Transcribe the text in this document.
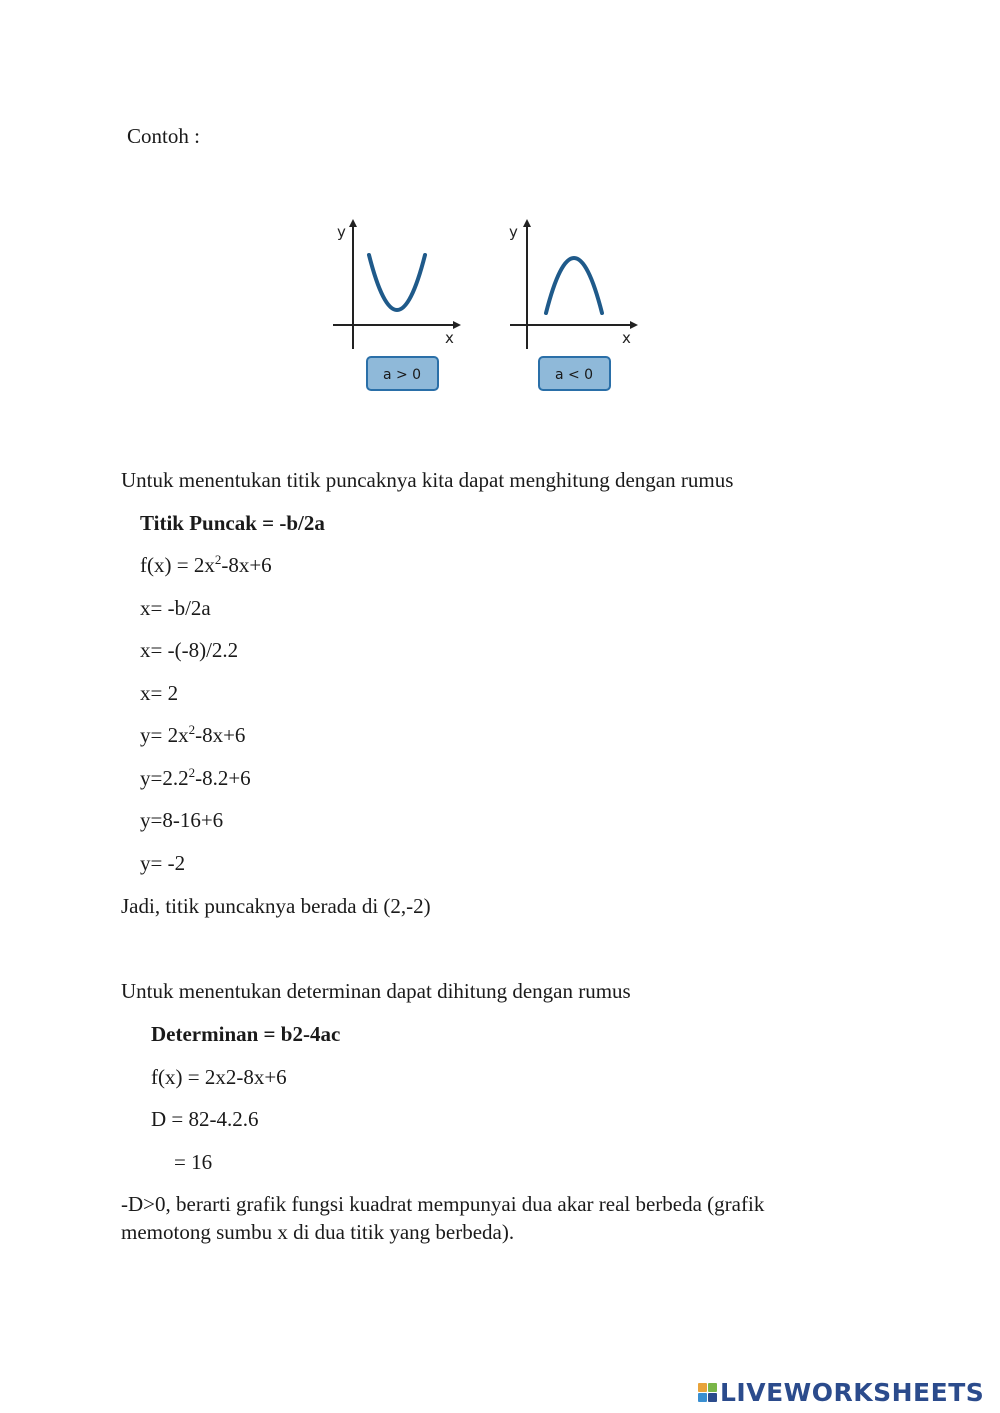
Contoh :
y
x
a > 0
y
x
a < 0
Untuk menentukan titik puncaknya kita dapat menghitung dengan rumus
Titik Puncak = -b/2a
$f(x) = 2x^2-8x+6$
x= -b/2a
x= -(-8)/2.2
x= 2
$y= 2x^2-8x+6$
$y=2.2^2-8.2+6$
y=8-16+6
y= -2
Jadi, titik puncaknya berada di (2,-2)
Untuk menentukan determinan dapat dihitung dengan rumus
Determinan = b2-4ac
f(x) = 2x2-8x+6
D = 82-4.2.6
= 16
-D>0, berarti grafik fungsi kuadrat mempunyai dua akar real berbeda (grafik
memotong sumbu x di dua titik yang berbeda).
LIVEWORKSHEETS
